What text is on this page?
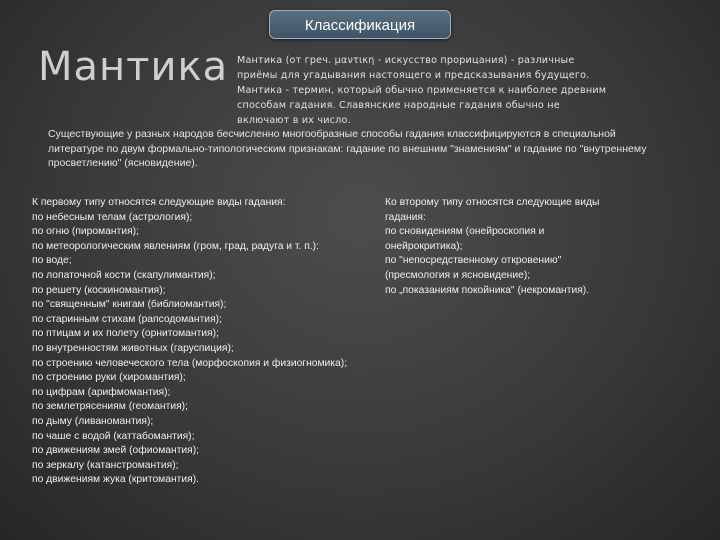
Классификация
Мантика Мантика (от греч. μαντικη - искусство прорицания) - различные приёмы для угадывания настоящего и предсказывания будущего. Мантика - термин, который обычно применяется к наиболее древним способам гадания. Славянские народные гадания обычно не включают в их число.
Существующие у разных народов бесчисленно многообразные способы гадания классифицируются в специальной литературе по двум формально-типологическим признакам: гадание по внешним "знамениям" и гадание по "внутреннему просветлению" (ясновидение).
К первому типу относятся следующие виды гадания:
по небесным телам (астрология);
по огню (пиромантия);
по метеорологическим явлениям (гром, град, радуга и т. п.):
по воде;
по лопаточной кости (скапулимантия);
по решету (коскиномантия);
по "священным" книгам (библиомантия);
по старинным стихам (рапсодомантия);
по птицам и их полету (орнитомантия);
по внутренностям животных (гаруспиция);
по строению человеческого тела (морфоскопия и физиогномика);
по строению руки (хиромантия);
по цифрам (арифмомантия);
по землетрясениям (геомантия);
по дыму (ливаномантия);
по чаше с водой (каттабомантия);
по движениям змей (офиомантия);
по зеркалу (катанстромантия);
по движениям жука (критомантия).
Ко второму типу относятся следующие виды
гадания:
по сновидениям (онейроскопия и
онейрокритика);
по "непосредственному откровению"
(пресмология и ясновидение);
по „показаниям покойника" (некромантия).
